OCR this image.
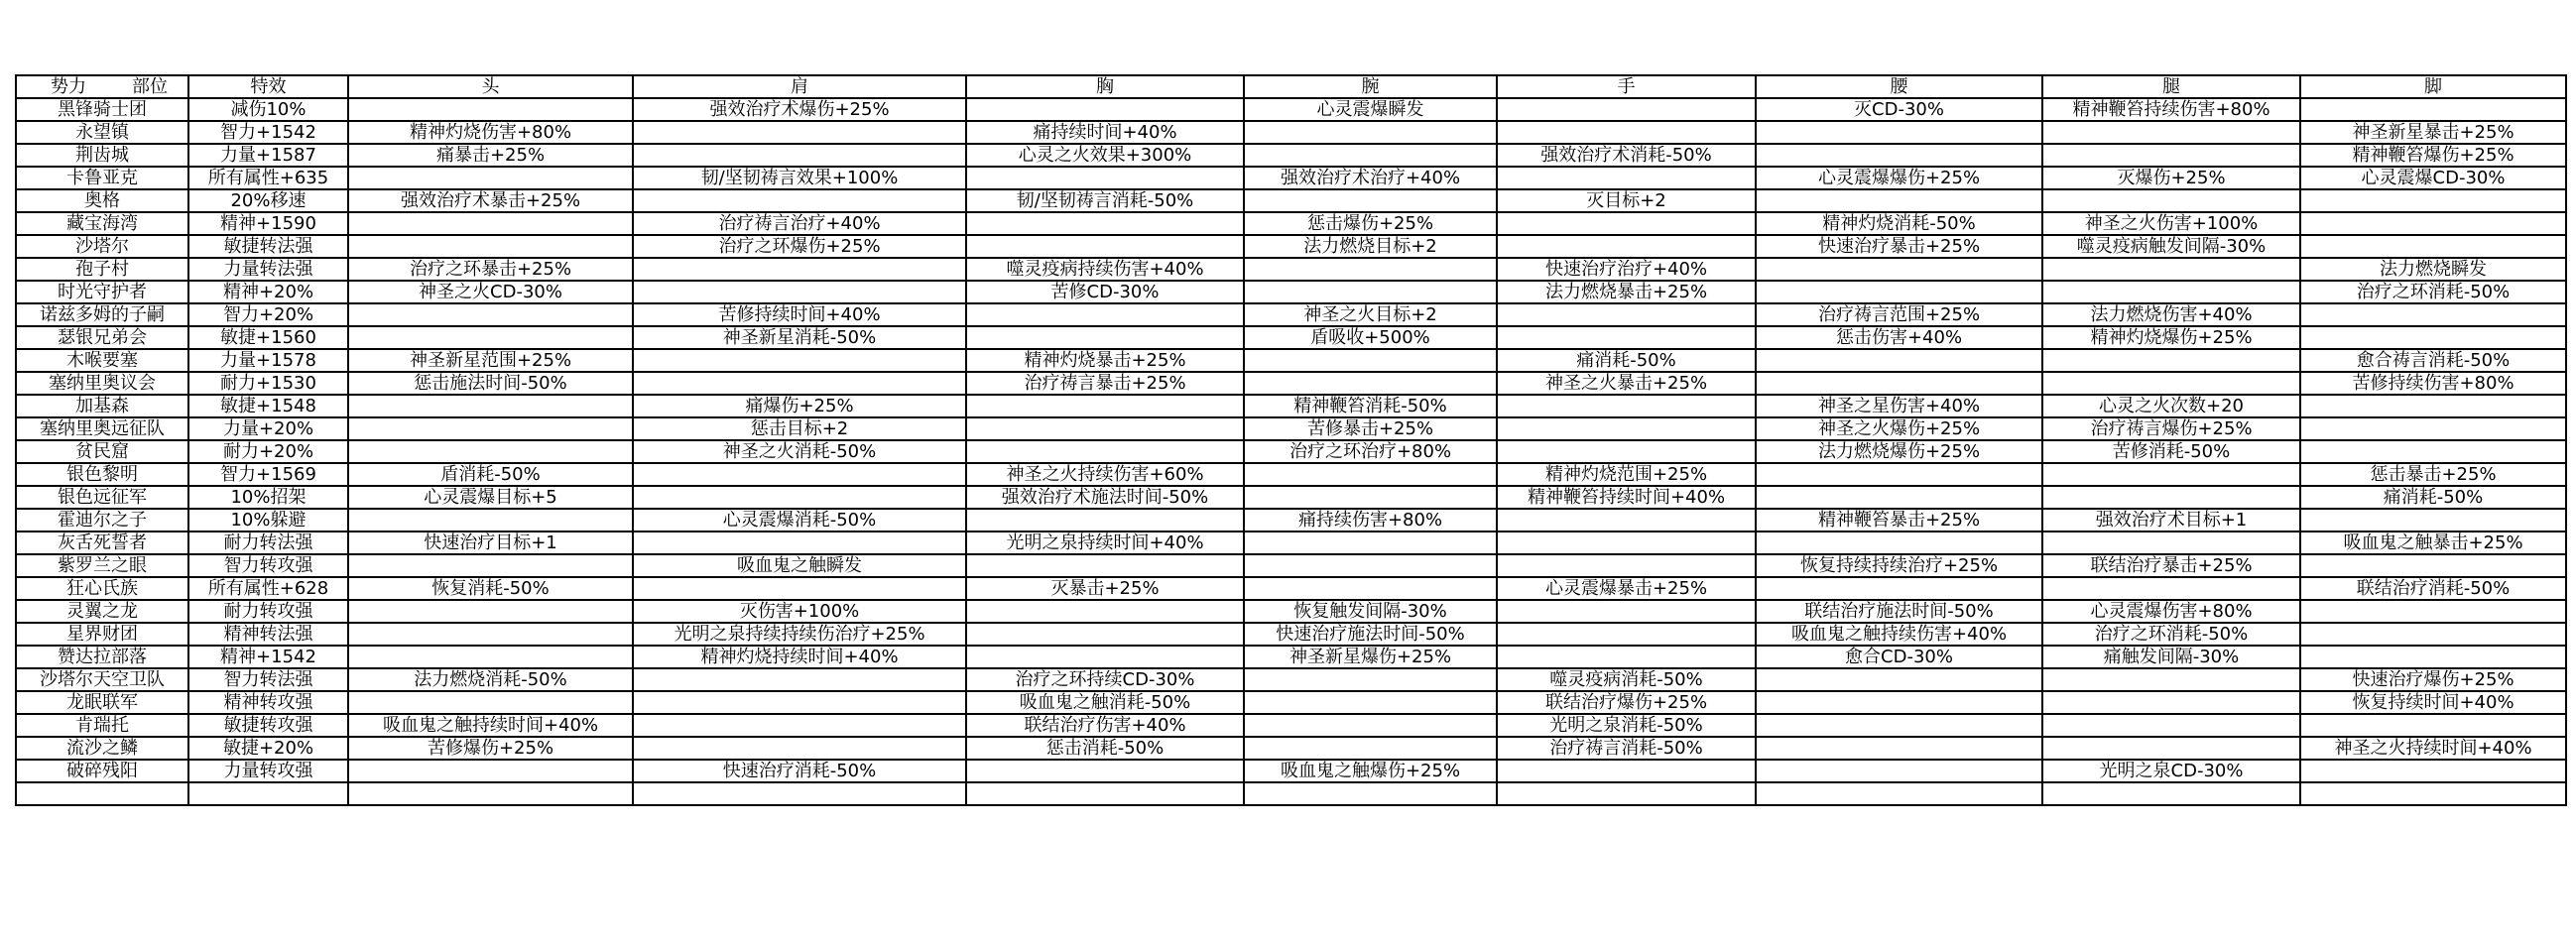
势力 部位	特效	头	肩	胸	腕	手	腰	腿	脚
黑锋骑士团	减伤10%		强效治疗术爆伤+25%		心灵震爆瞬发		灭CD-30%	精神鞭笞持续伤害+80%	
永望镇	智力+1542	精神灼烧伤害+80%		痛持续时间+40%					神圣新星暴击+25%
荆齿城	力量+1587	痛暴击+25%		心灵之火效果+300%		强效治疗术消耗-50%			精神鞭笞爆伤+25%
卡鲁亚克	所有属性+635		韧/坚韧祷言效果+100%		强效治疗术治疗+40%		心灵震爆爆伤+25%	灭爆伤+25%	心灵震爆CD-30%
奥格	20%移速	强效治疗术暴击+25%		韧/坚韧祷言消耗-50%		灭目标+2			
藏宝海湾	精神+1590		治疗祷言治疗+40%		惩击爆伤+25%		精神灼烧消耗-50%	神圣之火伤害+100%	
沙塔尔	敏捷转法强		治疗之环爆伤+25%		法力燃烧目标+2		快速治疗暴击+25%	噬灵疫病触发间隔-30%	
孢子村	力量转法强	治疗之环暴击+25%		噬灵疫病持续伤害+40%		快速治疗治疗+40%			法力燃烧瞬发
时光守护者	精神+20%	神圣之火CD-30%		苦修CD-30%		法力燃烧暴击+25%			治疗之环消耗-50%
诺兹多姆的子嗣	智力+20%		苦修持续时间+40%		神圣之火目标+2		治疗祷言范围+25%	法力燃烧伤害+40%	
瑟银兄弟会	敏捷+1560		神圣新星消耗-50%		盾吸收+500%		惩击伤害+40%	精神灼烧爆伤+25%	
木喉要塞	力量+1578	神圣新星范围+25%		精神灼烧暴击+25%		痛消耗-50%			愈合祷言消耗-50%
塞纳里奥议会	耐力+1530	惩击施法时间-50%		治疗祷言暴击+25%		神圣之火暴击+25%			苦修持续伤害+80%
加基森	敏捷+1548		痛爆伤+25%		精神鞭笞消耗-50%		神圣之星伤害+40%	心灵之火次数+20	
塞纳里奥远征队	力量+20%		惩击目标+2		苦修暴击+25%		神圣之火爆伤+25%	治疗祷言爆伤+25%	
贫民窟	耐力+20%		神圣之火消耗-50%		治疗之环治疗+80%		法力燃烧爆伤+25%	苦修消耗-50%	
银色黎明	智力+1569	盾消耗-50%		神圣之火持续伤害+60%		精神灼烧范围+25%			惩击暴击+25%
银色远征军	10%招架	心灵震爆目标+5		强效治疗术施法时间-50%		精神鞭笞持续时间+40%			痛消耗-50%
霍迪尔之子	10%躲避		心灵震爆消耗-50%		痛持续伤害+80%		精神鞭笞暴击+25%	强效治疗术目标+1	
灰舌死誓者	耐力转法强	快速治疗目标+1		光明之泉持续时间+40%					吸血鬼之触暴击+25%
紫罗兰之眼	智力转攻强		吸血鬼之触瞬发				恢复持续持续治疗+25%	联结治疗暴击+25%	
狂心氏族	所有属性+628	恢复消耗-50%		灭暴击+25%		心灵震爆暴击+25%			联结治疗消耗-50%
灵翼之龙	耐力转攻强		灭伤害+100%		恢复触发间隔-30%		联结治疗施法时间-50%	心灵震爆伤害+80%	
星界财团	精神转法强		光明之泉持续持续伤治疗+25%		快速治疗施法时间-50%		吸血鬼之触持续伤害+40%	治疗之环消耗-50%	
赞达拉部落	精神+1542		精神灼烧持续时间+40%		神圣新星爆伤+25%		愈合CD-30%	痛触发间隔-30%	
沙塔尔天空卫队	智力转法强	法力燃烧消耗-50%		治疗之环持续CD-30%		噬灵疫病消耗-50%			快速治疗爆伤+25%
龙眠联军	精神转攻强			吸血鬼之触消耗-50%		联结治疗爆伤+25%			恢复持续时间+40%
肯瑞托	敏捷转攻强	吸血鬼之触持续时间+40%		联结治疗伤害+40%		光明之泉消耗-50%			
流沙之鳞	敏捷+20%	苦修爆伤+25%		惩击消耗-50%		治疗祷言消耗-50%			神圣之火持续时间+40%
破碎残阳	力量转攻强		快速治疗消耗-50%		吸血鬼之触爆伤+25%			光明之泉CD-30%	
